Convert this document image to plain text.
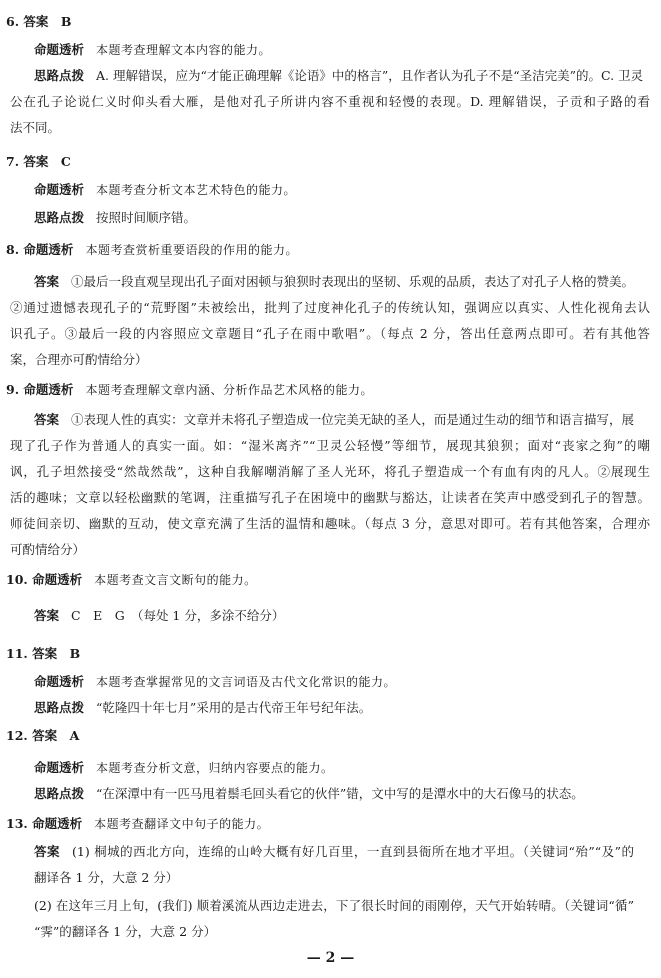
6. 答案　B
命题透析 本题考查理解文本内容的能力。
思路点拨 A. 理解错误，应为“才能正确理解《论语》中的格言”，且作者认为孔子不是“圣洁完美”的。C. 卫灵
公在孔子论说仁义时仰头看大雁，是他对孔子所讲内容不重视和轻慢的表现。D. 理解错误，子贡和子路的看
法不同。
7. 答案　C
命题透析 本题考查分析文本艺术特色的能力。
思路点拨 按照时间顺序错。
8. 命题透析 本题考查赏析重要语段的作用的能力。
答案 ①最后一段直观呈现出孔子面对困顿与狼狈时表现出的坚韧、乐观的品质，表达了对孔子人格的赞美。
②通过遗憾表现孔子的“荒野图”未被绘出，批判了过度神化孔子的传统认知，强调应以真实、人性化视角去认
识孔子。③最后一段的内容照应文章题目“孔子在雨中歌唱”。（每点 2 分，答出任意两点即可。若有其他答
案，合理亦可酌情给分）
9. 命题透析 本题考查理解文章内涵、分析作品艺术风格的能力。
答案 ①表现人性的真实：文章并未将孔子塑造成一位完美无缺的圣人，而是通过生动的细节和语言描写，展
现了孔子作为普通人的真实一面。如：“湿米离齐”“卫灵公轻慢”等细节，展现其狼狈；面对“丧家之狗”的嘲
讽，孔子坦然接受“然哉然哉”，这种自我解嘲消解了圣人光环，将孔子塑造成一个有血有肉的凡人。②展现生
活的趣味；文章以轻松幽默的笔调，注重描写孔子在困境中的幽默与豁达，让读者在笑声中感受到孔子的智慧。
师徒间亲切、幽默的互动，使文章充满了生活的温情和趣味。（每点 3 分，意思对即可。若有其他答案，合理亦
可酌情给分）
10. 命题透析 本题考查文言文断句的能力。
答案 C　E　G　（每处 1 分，多涂不给分）
11. 答案　B
命题透析 本题考查掌握常见的文言词语及古代文化常识的能力。
思路点拨 “乾隆四十年七月”采用的是古代帝王年号纪年法。
12. 答案　A
命题透析 本题考查分析文意，归纳内容要点的能力。
思路点拨 “在深潭中有一匹马甩着鬃毛回头看它的伙伴”错，文中写的是潭水中的大石像马的状态。
13. 命题透析 本题考查翻译文中句子的能力。
答案 (1) 桐城的西北方向，连绵的山岭大概有好几百里，一直到县衙所在地才平坦。（关键词“殆”“及”的
翻译各 1 分，大意 2 分）
(2) 在这年三月上旬，(我们) 顺着溪流从西边走进去，下了很长时间的雨刚停，天气开始转晴。（关键词“循”
“霁”的翻译各 1 分，大意 2 分）
— 2 —
